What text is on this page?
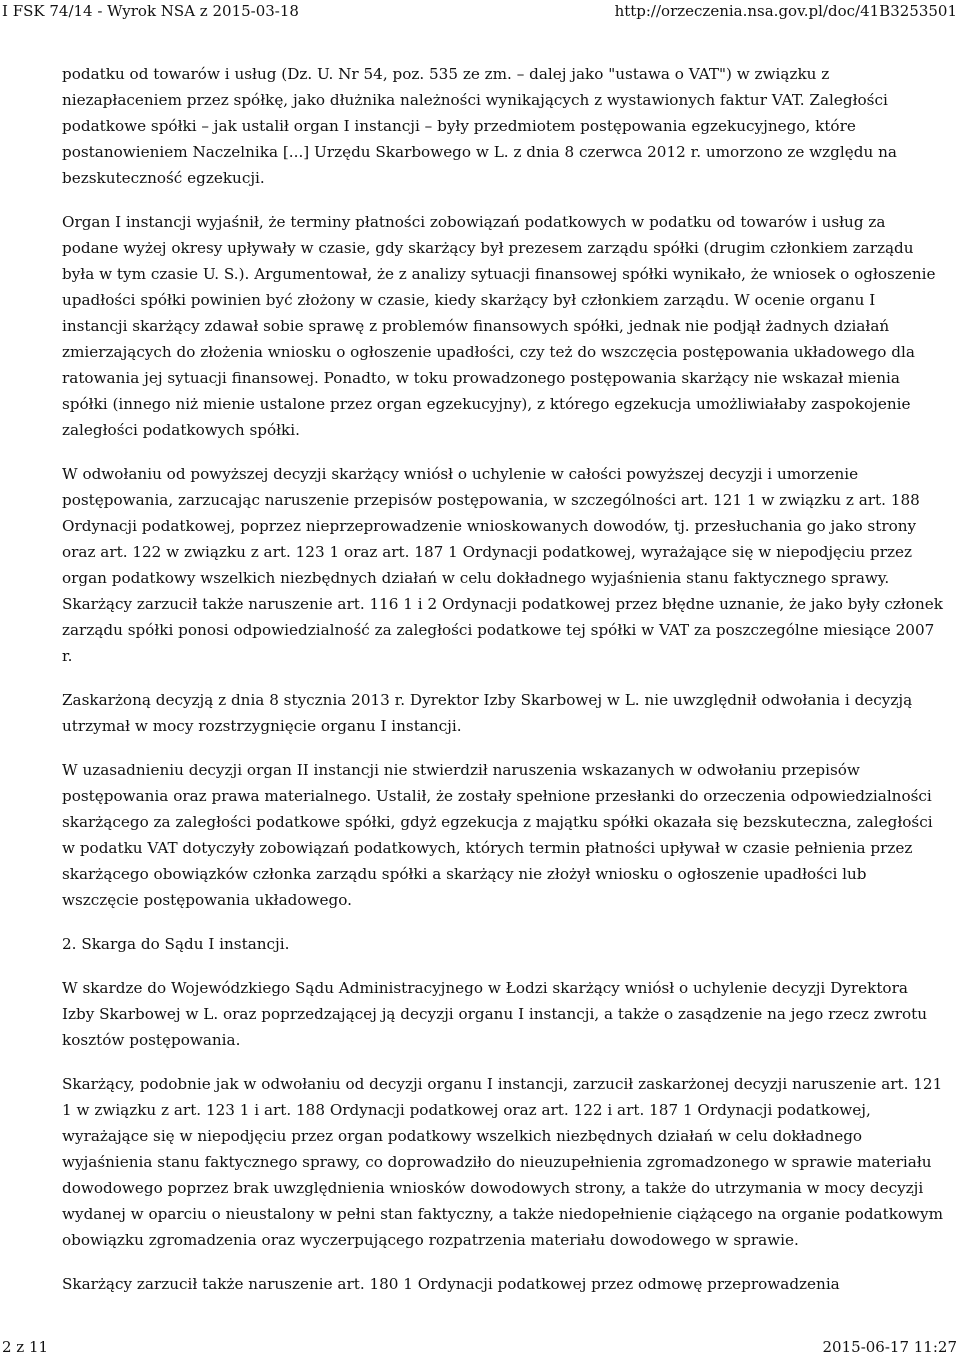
I FSK 74/14 - Wyrok NSA z 2015-03-18	http://orzeczenia.nsa.gov.pl/doc/41B3253501

podatku od towarów i usług (Dz. U. Nr 54, poz. 535 ze zm. – dalej jako "ustawa o VAT") w związku z niezapłaceniem przez spółkę, jako dłużnika należności wynikających z wystawionych faktur VAT. Zaległości podatkowe spółki – jak ustalił organ I instancji – były przedmiotem postępowania egzekucyjnego, które postanowieniem Naczelnika [...] Urzędu Skarbowego w L. z dnia 8 czerwca 2012 r. umorzono ze względu na bezskuteczność egzekucji.

Organ I instancji wyjaśnił, że terminy płatności zobowiązań podatkowych w podatku od towarów i usług za podane wyżej okresy upływały w czasie, gdy skarżący był prezesem zarządu spółki (drugim członkiem zarządu była w tym czasie U. S.). Argumentował, że z analizy sytuacji finansowej spółki wynikało, że wniosek o ogłoszenie upadłości spółki powinien być złożony w czasie, kiedy skarżący był członkiem zarządu. W ocenie organu I instancji skarżący zdawał sobie sprawę z problemów finansowych spółki, jednak nie podjął żadnych działań zmierzających do złożenia wniosku o ogłoszenie upadłości, czy też do wszczęcia postępowania układowego dla ratowania jej sytuacji finansowej. Ponadto, w toku prowadzonego postępowania skarżący nie wskazał mienia spółki (innego niż mienie ustalone przez organ egzekucyjny), z którego egzekucja umożliwiałaby zaspokojenie zaległości podatkowych spółki.

W odwołaniu od powyższej decyzji skarżący wniósł o uchylenie w całości powyższej decyzji i umorzenie postępowania, zarzucając naruszenie przepisów postępowania, w szczególności art. 121 1 w związku z art. 188 Ordynacji podatkowej, poprzez nieprzeprowadzenie wnioskowanych dowodów, tj. przesłuchania go jako strony oraz art. 122 w związku z art. 123 1 oraz art. 187 1 Ordynacji podatkowej, wyrażające się w niepodjęciu przez organ podatkowy wszelkich niezbędnych działań w celu dokładnego wyjaśnienia stanu faktycznego sprawy. Skarżący zarzucił także naruszenie art. 116 1 i 2 Ordynacji podatkowej przez błędne uznanie, że jako były członek zarządu spółki ponosi odpowiedzialność za zaległości podatkowe tej spółki w VAT za poszczególne miesiące 2007 r.

Zaskarżoną decyzją z dnia 8 stycznia 2013 r. Dyrektor Izby Skarbowej w L. nie uwzględnił odwołania i decyzją utrzymał w mocy rozstrzygnięcie organu I instancji.

W uzasadnieniu decyzji organ II instancji nie stwierdził naruszenia wskazanych w odwołaniu przepisów postępowania oraz prawa materialnego. Ustalił, że zostały spełnione przesłanki do orzeczenia odpowiedzialności skarżącego za zaległości podatkowe spółki, gdyż egzekucja z majątku spółki okazała się bezskuteczna, zaległości w podatku VAT dotyczyły zobowiązań podatkowych, których termin płatności upływał w czasie pełnienia przez skarżącego obowiązków członka zarządu spółki a skarżący nie złożył wniosku o ogłoszenie upadłości lub wszczęcie postępowania układowego.

2. Skarga do Sądu I instancji.

W skardze do Wojewódzkiego Sądu Administracyjnego w Łodzi skarżący wniósł o uchylenie decyzji Dyrektora Izby Skarbowej w L. oraz poprzedzającej ją decyzji organu I instancji, a także o zasądzenie na jego rzecz zwrotu kosztów postępowania.

Skarżący, podobnie jak w odwołaniu od decyzji organu I instancji, zarzucił zaskarżonej decyzji naruszenie art. 121 1 w związku z art. 123 1 i art. 188 Ordynacji podatkowej oraz art. 122 i art. 187 1 Ordynacji podatkowej, wyrażające się w niepodjęciu przez organ podatkowy wszelkich niezbędnych działań w celu dokładnego wyjaśnienia stanu faktycznego sprawy, co doprowadziło do nieuzupełnienia zgromadzonego w sprawie materiału dowodowego poprzez brak uwzględnienia wniosków dowodowych strony, a także do utrzymania w mocy decyzji wydanej w oparciu o nieustalony w pełni stan faktyczny, a także niedopełnienie ciążącego na organie podatkowym obowiązku zgromadzenia oraz wyczerpującego rozpatrzenia materiału dowodowego w sprawie.

Skarżący zarzucił także naruszenie art. 180 1 Ordynacji podatkowej przez odmowę przeprowadzenia

2 z 11	2015-06-17 11:27
